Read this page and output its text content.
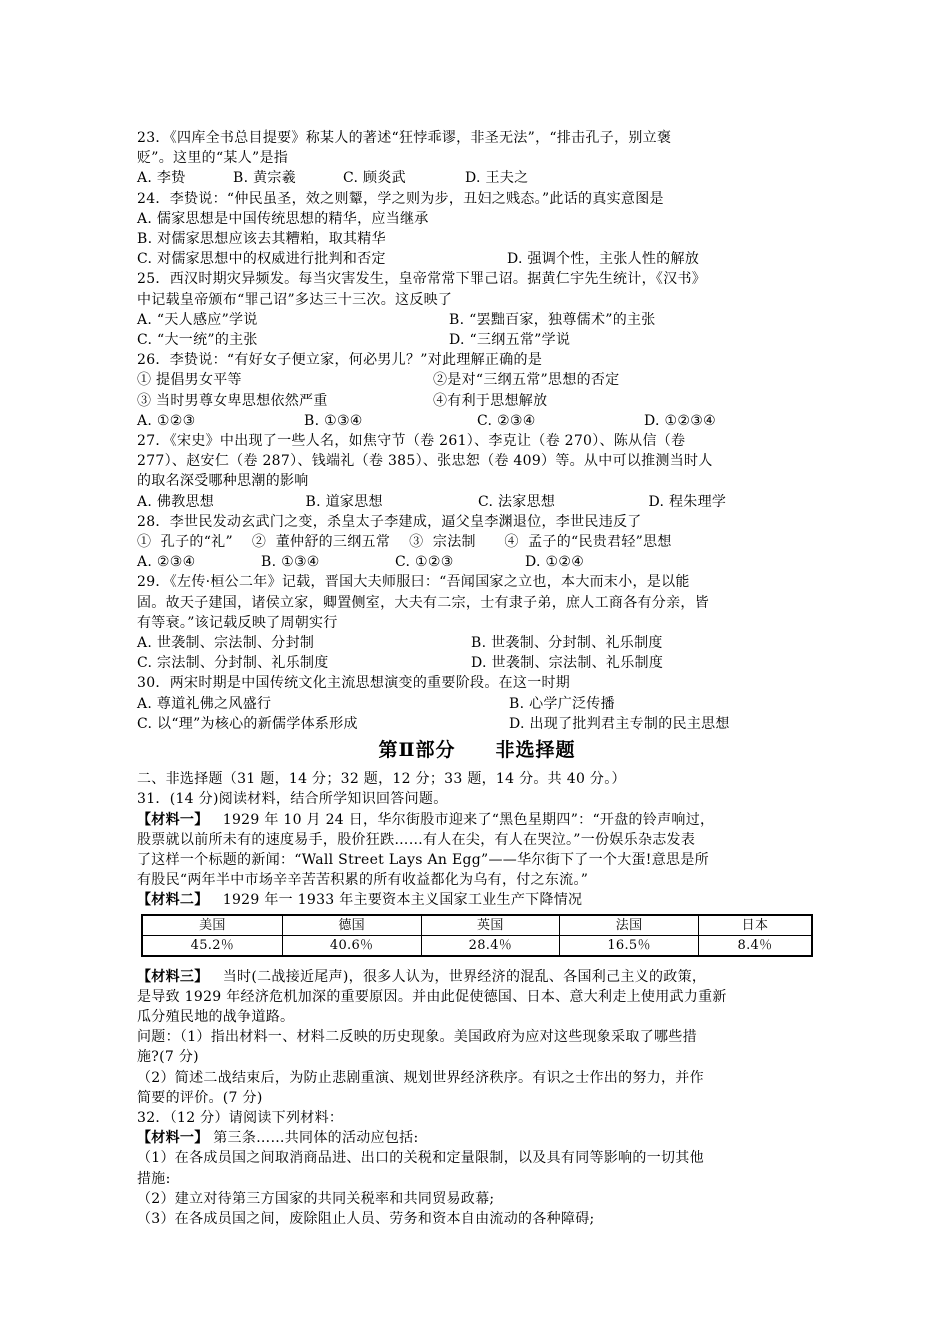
23．《四库全书总目提要》称某人的著述“狂悖乖谬，非圣无法”，“排击孔子，别立褒
贬”。这里的“某人”是指
A. 李贽	B. 黄宗羲	C. 顾炎武	D. 王夫之
24．李贽说：“仲民虽圣，效之则颦，学之则为步，丑妇之贱态。”此话的真实意图是
A. 儒家思想是中国传统思想的精华，应当继承
B. 对儒家思想应该去其糟粕，取其精华
C. 对儒家思想中的权威进行批判和否定	D. 强调个性，主张人性的解放
25．西汉时期灾异频发。每当灾害发生，皇帝常常下罪己诏。据黄仁宇先生统计，《汉书》
中记载皇帝颁布“罪己诏”多达三十三次。这反映了
A. “天人感应”学说	B. “罢黜百家，独尊儒术”的主张
C. “大一统”的主张	D. “三纲五常”学说
26．李贽说：“有好女子便立家，何必男儿？”对此理解正确的是
① 提倡男女平等	②是对“三纲五常”思想的否定
③ 当时男尊女卑思想依然严重	④有利于思想解放
A. ①②③	B. ①③④	C. ②③④	D. ①②③④
27．《宋史》中出现了一些人名，如焦守节（卷 261）、李克让（卷 270）、陈从信（卷
277）、赵安仁（卷 287）、钱端礼（卷 385）、张忠恕（卷 409）等。从中可以推测当时人
的取名深受哪种思潮的影响
A. 佛教思想	B. 道家思想	C. 法家思想	D. 程朱理学
28．李世民发动玄武门之变，杀皇太子李建成，逼父皇李渊退位，李世民违反了
①  孔子的“礼”    ②  董仲舒的三纲五常    ③  宗法制      ④  孟子的“民贵君轻”思想
A. ②③④	B. ①③④	C. ①②③	D. ①②④
29．《左传·桓公二年》记载，晋国大夫师服曰：“吾闻国家之立也，本大而末小，是以能
固。故天子建国，诸侯立家，卿置侧室，大夫有二宗，士有隶子弟，庶人工商各有分亲，皆
有等衰。”该记载反映了周朝实行
A. 世袭制、宗法制、分封制	B. 世袭制、分封制、礼乐制度
C. 宗法制、分封制、礼乐制度	D. 世袭制、宗法制、礼乐制度
30．两宋时期是中国传统文化主流思想演变的重要阶段。在这一时期
A. 尊道礼佛之风盛行	B. 心学广泛传播
C. 以“理”为核心的新儒学体系形成	D. 出现了批判君主专制的民主思想
第Ⅱ部分 非选择题
二、非选择题（31 题，14 分；32 题，12 分；33 题，14 分。共 40 分。）
31．(14 分)阅读材料，结合所学知识回答问题。
【材料一】   1929 年 10 月 24 日，华尔街股市迎来了“黑色星期四”：“开盘的铃声响过，
股票就以前所未有的速度易手，股价狂跌……有人在尖，有人在哭泣。”一份娱乐杂志发表
了这样一个标题的新闻：“Wall Street Lays An Egg”——华尔街下了一个大蛋!意思是所
有股民“两年半中市场辛辛苦苦积累的所有收益都化为乌有，付之东流。”
【材料二】   1929 年一 1933 年主要资本主义国家工业生产下降情况
美国	德国	英国	法国	日本
45.2％	40.6％	28.4％	16.5％	8.4％
【材料三】   当时(二战接近尾声)，很多人认为，世界经济的混乱、各国利己主义的政策，
是导致 1929 年经济危机加深的重要原因。并由此促使德国、日本、意大利走上使用武力重新
瓜分殖民地的战争道路。
问题：（1）指出材料一、材料二反映的历史现象。美国政府为应对这些现象采取了哪些措
施?(7 分)
（2）简述二战结束后，为防止悲剧重演、规划世界经济秩序。有识之士作出的努力，并作
简要的评价。(7 分)
32．（12 分）请阅读下列材料：
【材料一】 第三条……共同体的活动应包括:
（1）在各成员国之间取消商品进、出口的关税和定量限制，以及具有同等影响的一切其他
措施:
（2）建立对待第三方国家的共同关税率和共同贸易政幕;
（3）在各成员国之间，废除阻止人员、劳务和资本自由流动的各种障碍;
